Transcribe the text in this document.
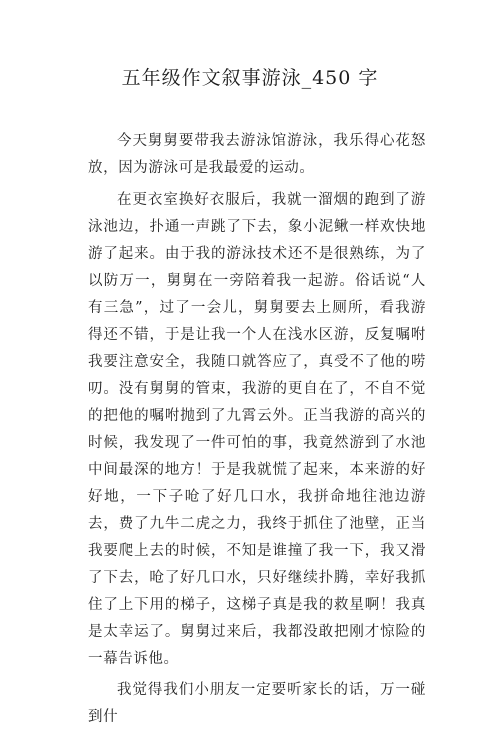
五年级作文叙事游泳_450 字

今天舅舅要带我去游泳馆游泳，我乐得心花怒放，因为游泳可是我最爱的运动。

在更衣室换好衣服后，我就一溜烟的跑到了游泳池边，扑通一声跳了下去，象小泥鳅一样欢快地游了起来。由于我的游泳技术还不是很熟练，为了以防万一，舅舅在一旁陪着我一起游。俗话说“人有三急”，过了一会儿，舅舅要去上厕所，看我游得还不错，于是让我一个人在浅水区游，反复嘱咐我要注意安全，我随口就答应了，真受不了他的唠叨。没有舅舅的管束，我游的更自在了，不自不觉的把他的嘱咐抛到了九霄云外。正当我游的高兴的时候，我发现了一件可怕的事，我竟然游到了水池中间最深的地方！于是我就慌了起来，本来游的好好地，一下子呛了好几口水，我拼命地往池边游去，费了九牛二虎之力，我终于抓住了池壁，正当我要爬上去的时候，不知是谁撞了我一下，我又滑了下去，呛了好几口水，只好继续扑腾，幸好我抓住了上下用的梯子，这梯子真是我的救星啊！我真是太幸运了。舅舅过来后，我都没敢把刚才惊险的一幕告诉他。

我觉得我们小朋友一定要听家长的话，万一碰到什
